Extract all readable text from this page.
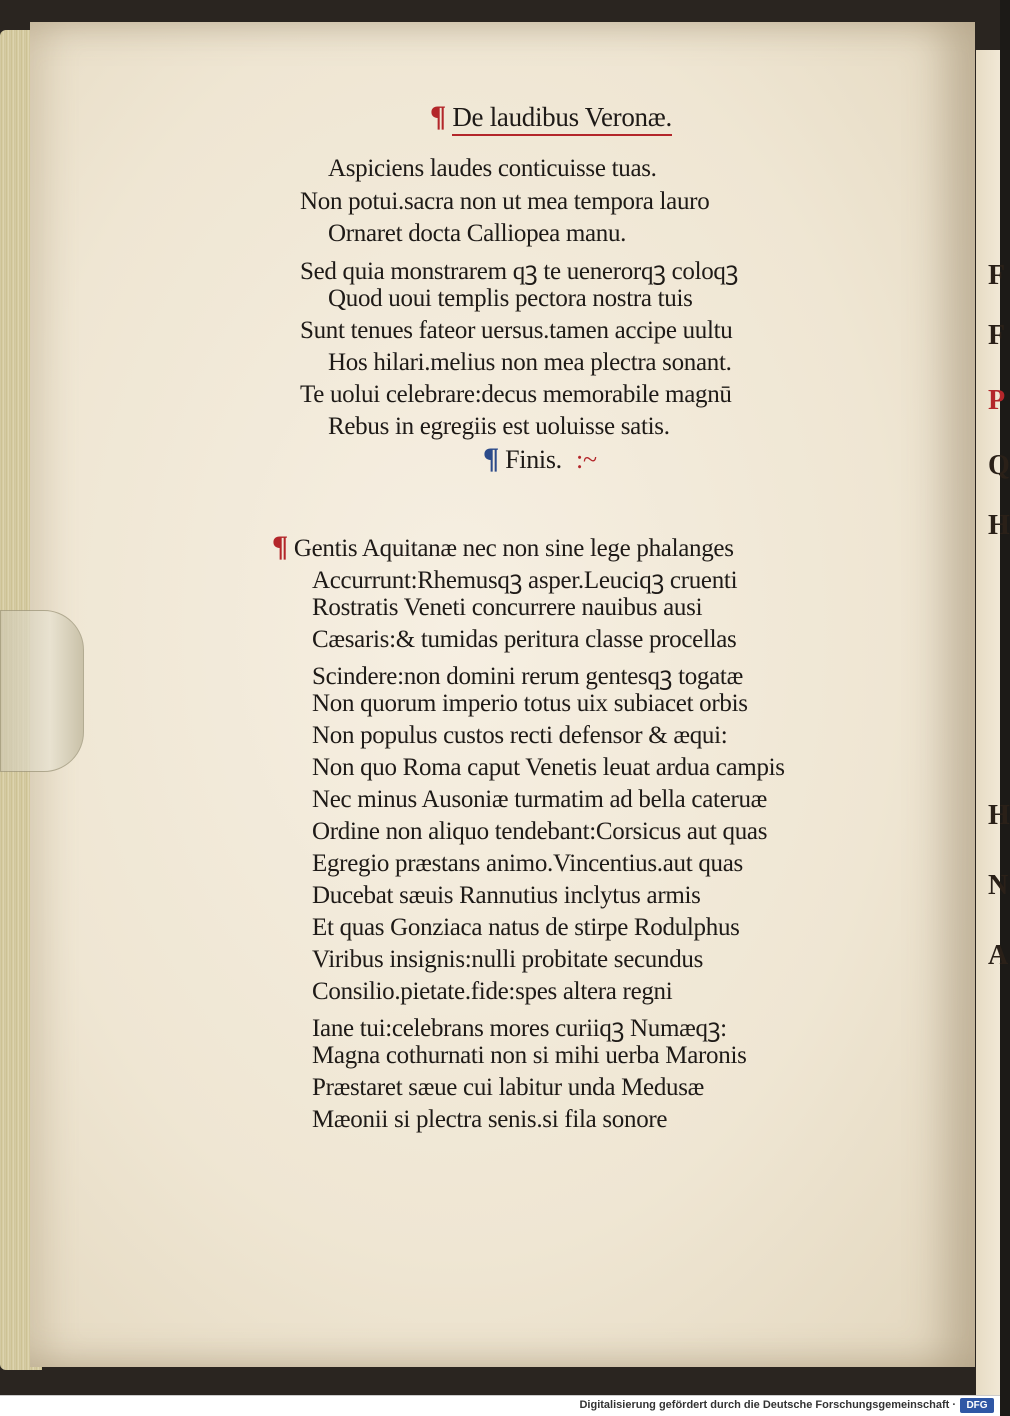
F
F
P
Q
H
H
N
A
¶ De laudibus Veronæ.
Aspiciens laudes conticuisse tuas.
Non potui.sacra non ut mea tempora lauro
Ornaret docta Calliopea manu.
Sed quia monstrarem qꝫ te uenerorqꝫ coloqꝫ
Quod uoui templis pectora nostra tuis
Sunt tenues fateor uersus.tamen accipe uultu
Hos hilari.melius non mea plectra sonant.
Te uolui celebrare:decus memorabile magnū
Rebus in egregiis est uoluisse satis.
¶ Finis. :~
¶ Gentis Aquitanæ nec non sine lege phalanges
Accurrunt:Rhemusqꝫ asper.Leuciqꝫ cruenti
Rostratis Veneti concurrere nauibus ausi
Cæsaris:& tumidas peritura classe procellas
Scindere:non domini rerum gentesqꝫ togatæ
Non quorum imperio totus uix subiacet orbis
Non populus custos recti defensor & æqui:
Non quo Roma caput Venetis leuat ardua campis
Nec minus Ausoniæ turmatim ad bella cateruæ
Ordine non aliquo tendebant:Corsicus aut quas
Egregio præstans animo.Vincentius.aut quas
Ducebat sæuis Rannutius inclytus armis
Et quas Gonziaca natus de stirpe Rodulphus
Viribus insignis:nulli probitate secundus
Consilio.pietate.fide:spes altera regni
Iane tui:celebrans mores curiiqꝫ Numæqꝫ:
Magna cothurnati non si mihi uerba Maronis
Præstaret sæue cui labitur unda Medusæ
Mæonii si plectra senis.si fila sonore
Digitalisierung gefördert durch die Deutsche Forschungsgemeinschaft ·	DFG
